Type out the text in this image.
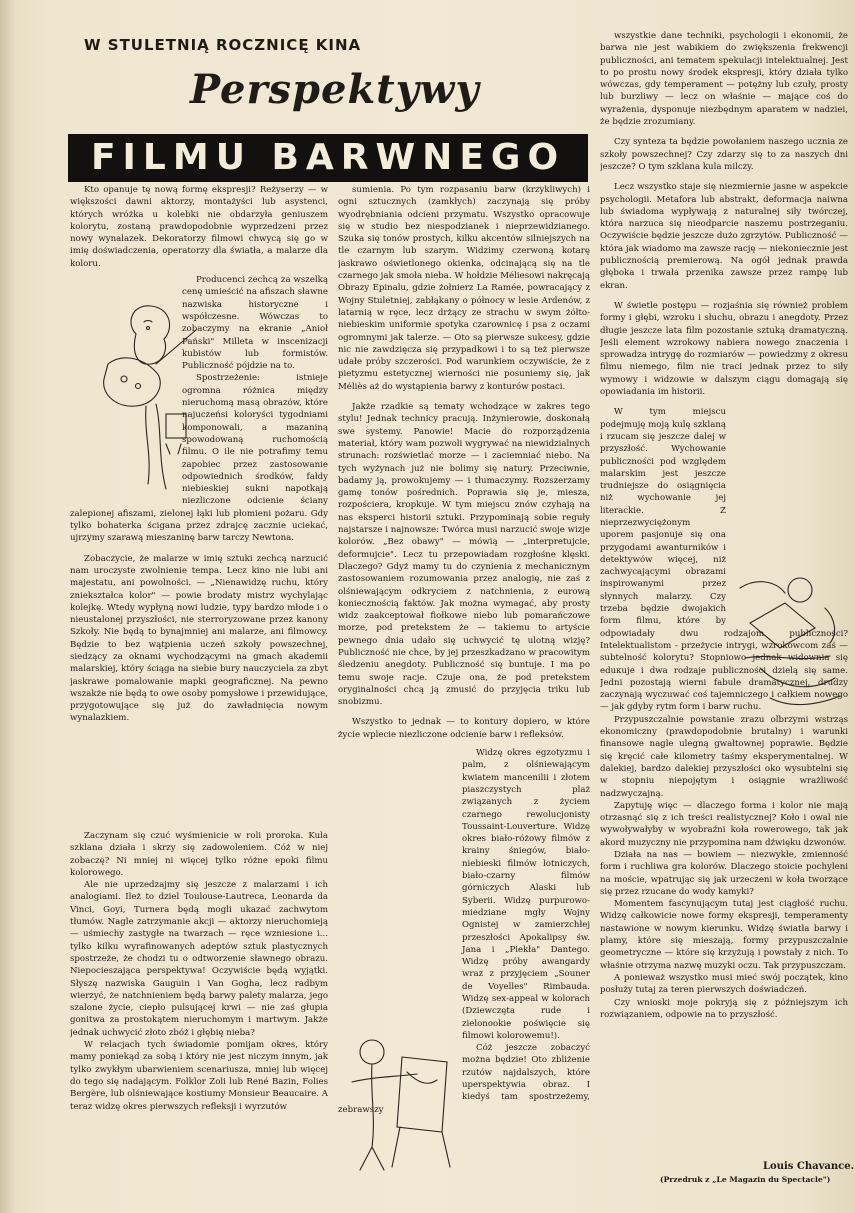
W STULETNIĄ ROCZNICĘ KINA
Perspektywy
FILMU BARWNEGO

Kto opanuje tę nową formę ekspresji? Reżyserzy — w większości dawni aktorzy, montażyści lub asystenci, których wróżka u kolebki nie obdarzyła geniuszem kolorytu, zostaną prawdopodobnie wyprzedzeni przez nowy wynalazek. Dekoratorzy filmowi chwycą się go w imię doświadczenia, operatorzy dla światła, a malarze dla koloru.

Producenci zechcą za wszelką cenę umieścić na afiszach sławne nazwiska historyczne i współczesne. Wówczas to zobaczymy na ekranie „Anioł Pański" Milleta w inscenizacji kubistów lub formistów. Publiczność pójdzie na to.

Spostrzeżenie: istnieje ogromna różnica między nieruchomą masą obrazów, które najuczeńsi koloryści tygodniami komponowali, a mazaniną spowodowaną ruchomością filmu. O ile nie potrafimy temu zapobiec przez zastosowanie odpowiednich środków, fałdy niebieskiej sukni napotkają niezliczone odcienie ściany zalepionej afiszami, zielonej łąki lub płomieni pożaru. Gdy tylko bohaterka ścigana przez zdrajcę zacznie uciekać, ujrzymy szarawą mieszaninę barw tarczy Newtona.

Zobaczycie, że malarze w imię sztuki zechcą narzucić nam uroczyste zwolnienie tempa. Lecz kino nie lubi ani majestatu, ani powolności. — „Nienawidzę ruchu, który zniekształca kolor" — powie brodaty mistrz wychylając kolejkę. Wtedy wypłyną nowi ludzie, typy bardzo młode i o nieustalonej przyszłości, nie sterroryzowane przez kanony Szkoły. Nie będą to bynajmniej ani malarze, ani filmowcy. Będzie to bez wątpienia uczeń szkoły powszechnej, siedzący za oknami wychodzącymi na gmach akademii malarskiej, który ściąga na siebie bury nauczyciela za zbyt jaskrawe pomalowanie mapki geograficznej. Na pewno wszakże nie będą to owe osoby pomysłowe i przewidujące, przygotowujące się już do zawładnięcia nowym wynalazkiem.

Zaczynam się czuć wyśmienicie w roli proroka. Kula szklana działa i skrzy się zadowoleniem. Cóż w niej zobaczę? Ni mniej ni więcej tylko różne epoki filmu kolorowego.

Ale nie uprzedzajmy się jeszcze z malarzami i ich analogiami. Ileż to dziel Toulouse-Lautreca, Leonarda da Vinci, Goyi, Turnera będą mogli ukazać zachwytom tłumów. Nagle zatrzymanie akcji — aktorzy nieruchomieją — uśmiechy zastygłe na twarzach — ręce wzniesione i... tylko kilku wyrafinowanych adeptów sztuk plastycznych spostrzeże, że chodzi tu o odtworzenie sławnego obrazu. Niepocieszająca perspektywa! Oczywiście będą wyjątki. Słyszę nazwiska Gauguin i Van Gogha, lecz radbym wierzyć, że natchnieniem będą barwy palety malarza, jego szalone życie, ciepło pulsującej krwi — nie zaś głupia gonitwa za prostokątem nieruchomym i martwym. Jakże jednak uchwycić złoto zbóż i głębię nieba?

W relacjach tych świadomie pomijam okres, który mamy poniekąd za sobą i który nie jest niczym innym, jak tylko zwykłym ubarwieniem scenariusza, mniej lub więcej do tego się nadającym. Folklor Zoli lub René Bazin, Folies Bergère, lub olśniewające kostiumy Monsieur Beaucaire. A teraz widzę okres pierwszych refleksji i wyrzutów

sumienia. Po tym rozpasaniu barw (krzykliwych) i ogni sztucznych (zamkłych) zaczynają się próby wyodrębniania odcieni przymatu. Wszystko opracowuje się w studio bez niespodzianek i nieprzewidzianego. Szuka się tonów prostych, kilku akcentów silniejszych na tle czarnym lub szarym. Widzimy czerwoną kotarę jaskrawo oświetlonego okienka, odcinającą się na tle czarnego jak smoła nieba. W hołdzie Méliesowi nakręcają Obrazy Epinalu, gdzie żołnierz La Ramée, powracający z Wojny Stuletniej, zabłąkany o północy w lesie Ardenów, z latarnią w ręce, lecz drżący ze strachu w swym żółto-niebieskim uniformie spotyka czarownicę i psa z oczami ogromnymi jak talerze. — Oto są pierwsze sukcesy, gdzie nic nie zawdzięcza się przypadkowi i to są też pierwsze udałe próby szczerości. Pod warunkiem oczywiście, że z pietyzmu estetycznej wierności nie posuniemy się, jak Méliès aż do wystąpienia barwy z konturów postaci.

Jakże rzadkie są tematy wchodzące w zakres tego stylu! Jednak technicy pracują. Inżynierowie, doskonałą swe systemy. Panowie! Macie do rozporządzenia materiał, który wam pozwoli wygrywać na niewidzialnych strunach: rozświetlać morze — i zaciemniać niebo. Na tych wyżynach już nie bolimy się natury. Przeciwnie, badamy ją, prowokujemy — i tłumaczymy. Rozszerzamy gamę tonów pośrednich. Poprawia się je, miesza, rozpościera, kropkuje. W tym miejscu znów czyhają na nas eksperci historii sztuki. Przypominają sobie reguły najstarsze i najnowsze: Twórca musi narzucić swoje wizje kolorów. „Bez obawy" — mówią — „interpretujcie, deformujcie". Lecz tu przepowiadam rozgłośne klęski. Dlaczego? Gdyż mamy tu do czynienia z mechanicznym zastosowaniem rozumowania przez analogię, nie zaś z olśniewającym odkryciem z natchnienia, z eurową koniecznością faktów. Jak można wymagać, aby prosty widz zaakceptował fiołkowe niebo lub pomarańczowe morze, pod pretekstem że — takiemu to artyście pewnego dnia udało się uchwycić tę ulotną wizję? Publiczność nie chce, by jej przeszkadzano w pracowitym śledzeniu anegdoty. Publiczność się buntuje. I ma po temu swoje racje. Czuje ona, że pod pretekstem oryginalności chcą ją zmusić do przyjęcia triku lub snobizmu.

Wszystko to jednak — to kontury dopiero, w które życie wplecie niezliczone odcienie barw i refleksów.

Widzę okres egzotyzmu i palm, z olśniewającym kwiatem mancenilii i złotem piaszczystych plaż związanych z życiem czarnego rewolucjonisty Toussaint-Louverture. Widzę okres biało-różowy filmów z krainy śniegów, biało-niebieski filmów lotniczych, biało-czarny filmów górniczych Alaski lub Syberii. Widzę purpurowo-miedziane mgły Wojny Ognistej w zamierzchłej przeszłości Apokalipsy św. Jana i „Piekła" Dantego. Widzę próby awangardy wraz z przyjęciem „Souner de Voyelles" Rimbauda. Widzę sex-appeal w kolorach (Dziewczęta rude i zielonookie poświęcie się filmowi kolorowemu!).

Cóż jeszcze zobaczyć można będzie! Oto zbliżenie rzutów najdalszych, które uperspektywia obraz. I kiedyś tam spostrzeżemy, zebrawszy

wszystkie dane techniki, psychologii i ekonomii, że barwa nie jest wabikiem do zwiększenia frekwencji publiczności, ani tematem spekulacji intelektualnej. Jest to po prostu nowy środek ekspresji, który działa tylko wówczas, gdy temperament — potężny lub czuły, prosty lub burzliwy — lecz on właśnie — mające coś do wyrażenia, dysponuje niezbędnym aparatem w nadziei, że będzie zrozumiany.

Czy synteza ta będzie powołaniem naszego ucznia ze szkoły powszechnej? Czy zdarzy się to za naszych dni jeszcze? O tym szklana kula milczy.

Lecz wszystko staje się niezmiernie jasne w aspekcie psychologii. Metafora lub abstrakt, deformacja naiwna lub świadoma wypływają z naturalnej siły twórczej, która narzuca się nieodparcie naszemu postrzeganiu. Oczywiście będzie jeszcze dużo zgrzytów. Publiczność — która jak wiadomo ma zawsze rację — niekoniecznie jest publicznością premierową. Na ogół jednak prawda głęboka i trwała przenika zawsze przez rampę lub ekran.

W świetle postępu — rozjaśnia się również problem formy i głębi, wzroku i słuchu, obrazu i anegdoty. Przez długie jeszcze lata film pozostanie sztuką dramatyczną. Jeśli element wzrokowy nabiera nowego znaczenia i sprowadza intrygę do rozmiarów — powiedzmy z okresu filmu niemego, film nie traci jednak przez to siły wymowy i widzowie w dalszym ciągu domagają się opowiadania im historii.

W tym miejscu podejmuję moją kulę szklaną i rzucam się jeszcze dalej w przyszłość. Wychowanie publiczności pod względem malarskim jest jeszcze trudniejsze do osiągnięcia niż wychowanie jej literackie. Z nieprzezwyciężonym uporem pasjonuje się ona przygodami awanturników i detektywów więcej, niż zachwycającymi obrazami inspirowanymi przez słynnych malarzy. Czy trzeba będzie dwojakich form filmu, które by odpowiadały dwu rodzajom publiczności? Intelektualistom - przeżycie intrygi, wzrokowcom zaś — subtelność kolorytu? Stopniowo jednak widownia się eduкuje i dwa rodzaje publiczności dzielą się same. Jedni pozostają wierni fabule dramatycznej, drudzy zaczynają wyczuwać coś tajemniczego i całkiem nowego — jak gdyby rytm form i barw ruchu.

Przypuszczalnie powstanie zrazu olbrzymi wstrząs ekonomiczny (prawdopodobnie brutalny) i warunki finansowe nagle ulegną gwałtownej poprawie. Będzie się kręcić całe kilometry taśmy eksperymentalnej. W dalekiej, bardzo dalekiej przyszłości oko wysubtelni się w stopniu niepojętym i osiągnie wrażliwość nadzwyczajną.

Zapytuję więc — dlaczego forma i kolor nie mają otrzasnąć się z ich treści realistycznej? Koło i owal nie wywoływałyby w wyobraźni koła rowerowego, tak jak akord muzyczny nie przypomina nam dźwięku dzwonów.

Działa na nas — bowiem — niezwykłe, zmienność form i ruchliwa gra kolorów. Dlaczego stoicie pochyleni na moście, wpatrując się jak urzeczeni w koła tworzące się przez rzucane do wody kamyki?

Momentem fascynującym tutaj jest ciągłość ruchu. Widzę całkowicie nowe formy ekspresji, temperamenty nastawione w nowym kierunku. Widzę światła barwy i plamy, które się mieszają, formy przypuszczalnie geometryczne — które się krzyżują i powstały z nich. To właśnie otrzyma nazwę muzyki oczu. Tak przypuszczam.

A ponieważ wszystko musi mieć swój początek, kino posłuży tutaj za teren pierwszych doświadczeń.

Czy wnioski moje pokryją się z późniejszym ich rozwiązaniem, odpowie na to przyszłość.

Louis Chavance.
(Przedruk z „Le Magazin du Spectacle")
